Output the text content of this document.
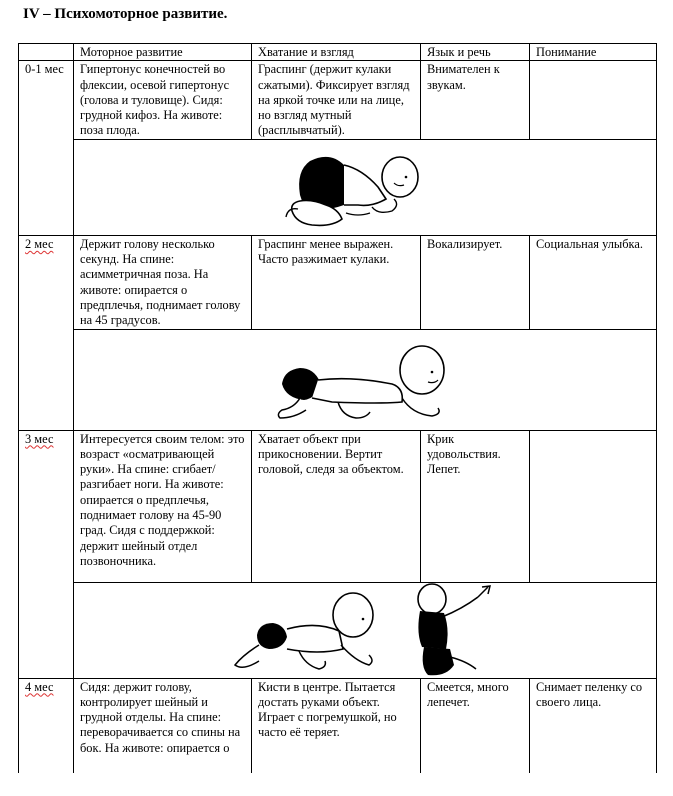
IV – Психомоторное развитие.
	Моторное развитие	Хватание и взгляд	Язык и речь	Понимание
0-1 мес	Гипертонус конечностей во флексии, осевой гипертонус (голова и туловище). Сидя: грудной кифоз. На животе: поза плода.	Граспинг (держит кулаки сжатыми). Фиксирует взгляд на яркой точке или на лице, но взгляд мутный (расплывчатый).	Внимателен к звукам.	

2 мес	Держит голову несколько секунд. На спине: асимметричная поза. На животе: опирается о предплечья, поднимает голову на 45 градусов.	Граспинг менее выражен. Часто разжимает кулаки.	Вокализирует.	Социальная улыбка.

3 мес	Интересуется своим телом: это возраст «осматривающей руки». На спине: сгибает/разгибает ноги. На животе: опирается о предплечья, поднимает голову на 45-90 град. Сидя с поддержкой: держит шейный отдел позвоночника.	Хватает объект при прикосновении. Вертит головой, следя за объектом.	Крик удовольствия. Лепет.	

4 мес	Сидя: держит голову, контролирует шейный и грудной отделы. На спине: переворачивается со спины на бок. На животе: опирается о	Кисти в центре. Пытается достать руками объект. Играет с погремушкой, но часто её теряет.	Смеется, много лепечет.	Снимает пеленку со своего лица.
